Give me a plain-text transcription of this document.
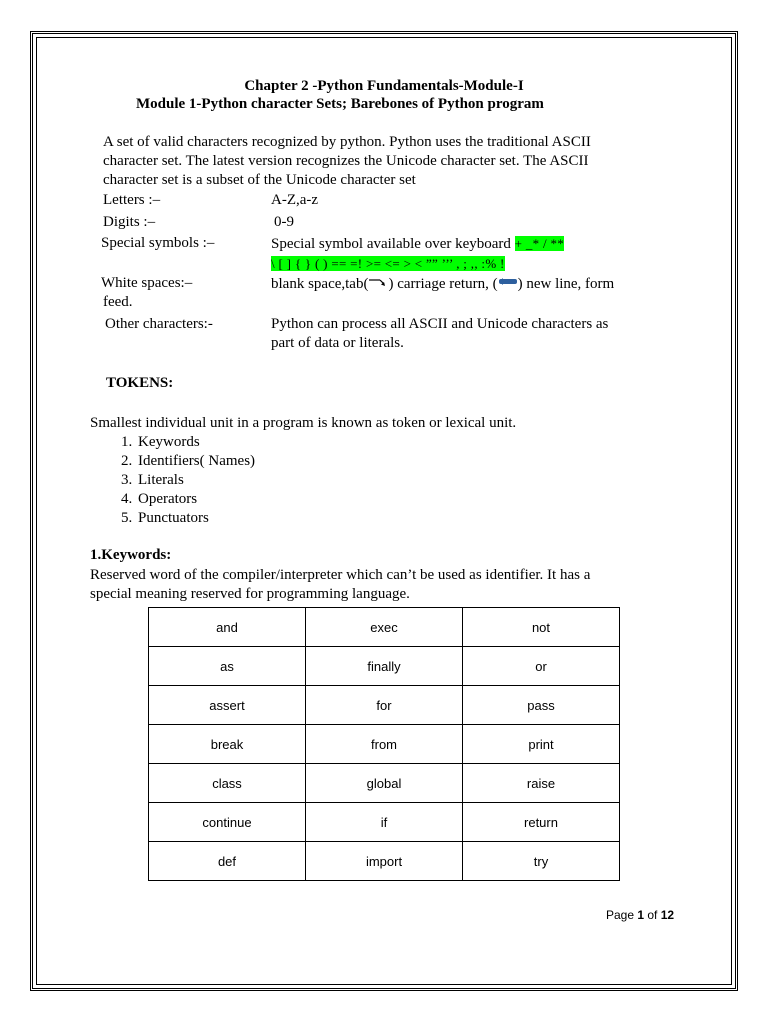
Chapter 2 -Python Fundamentals-Module-I
Module 1-Python character Sets; Barebones of Python program
A set of valid characters recognized by python. Python uses the traditional ASCII
character set. The latest version recognizes the Unicode character set. The ASCII
character set is a subset of the Unicode character set
Letters :–	A-Z,a-z
Digits :–	0-9
Special symbols :–	Special symbol available over keyboard + _* / **
\ [ ] { } ( ) == =! >= <= > < ”” ’’’ , ; ,, :% !
White spaces:–	blank space,tab( ) carriage return, ( ) new line, form
feed.
Other characters:-	Python can process all ASCII and Unicode characters as
part of data or literals.
TOKENS:
Smallest individual unit in a program is known as token or lexical unit.
1. Keywords
2. Identifiers( Names)
3. Literals
4. Operators
5. Punctuators
1.Keywords:
Reserved word of the compiler/interpreter which can’t be used as identifier. It has a
special meaning reserved for programming language.
and	exec	not
as	finally	or
assert	for	pass
break	from	print
class	global	raise
continue	if	return
def	import	try
Page 1 of 12
